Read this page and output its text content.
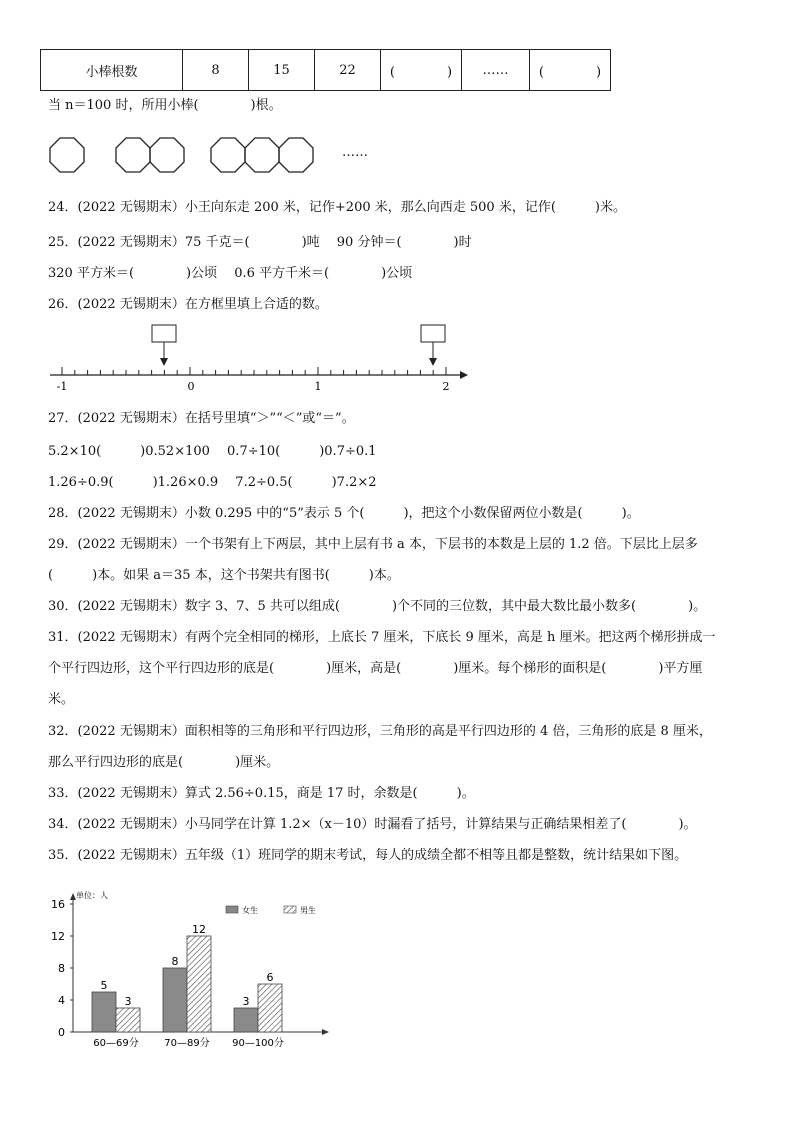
小棒根数	8	15	22	(　　　　)	……	(　　　　)
当 n＝100 时，所用小棒(　　　　)根。
……
24．(2022 无锡期末）小王向东走 200 米，记作+200 米，那么向西走 500 米，记作(　　　)米。
25．(2022 无锡期末）75 千克＝(　　　　)吨　 90 分钟＝(　　　　)时
320 平方米＝(　　　　)公顷　 0.6 平方千米＝(　　　　)公顷
26．(2022 无锡期末）在方框里填上合适的数。
-1	0	1	2
27．(2022 无锡期末）在括号里填“＞”“＜”或“＝”。
5.2×10(　　　)0.52×100　 0.7÷10(　　　)0.7÷0.1
1.26÷0.9(　　　)1.26×0.9　 7.2÷0.5(　　　)7.2×2
28．(2022 无锡期末）小数 0.295 中的“5”表示 5 个(　　　)，把这个小数保留两位小数是(　　　)。
29．(2022 无锡期末）一个书架有上下两层，其中上层有书 a 本，下层书的本数是上层的 1.2 倍。下层比上层多
(　　　)本。如果 a＝35 本，这个书架共有图书(　　　)本。
30．(2022 无锡期末）数字 3、7、5 共可以组成(　　　　)个不同的三位数，其中最大数比最小数多(　　　　)。
31．(2022 无锡期末）有两个完全相同的梯形，上底长 7 厘米，下底长 9 厘米，高是 h 厘米。把这两个梯形拼成一
个平行四边形，这个平行四边形的底是(　　　　)厘米，高是(　　　　)厘米。每个梯形的面积是(　　　　)平方厘
米。
32．(2022 无锡期末）面积相等的三角形和平行四边形，三角形的高是平行四边形的 4 倍，三角形的底是 8 厘米，
那么平行四边形的底是(　　　　)厘米。
33．(2022 无锡期末）算式 2.56÷0.15，商是 17 时，余数是(　　　)。
34．(2022 无锡期末）小马同学在计算 1.2×（x－10）时漏看了括号，计算结果与正确结果相差了(　　　　)。
35．(2022 无锡期末）五年级（1）班同学的期末考试，每人的成绩全都不相等且都是整数，统计结果如下图。
单位：人
0
4
8
12
16
5
3
60—69分
8
12
70—89分
3
6
90—100分
女生	男生
